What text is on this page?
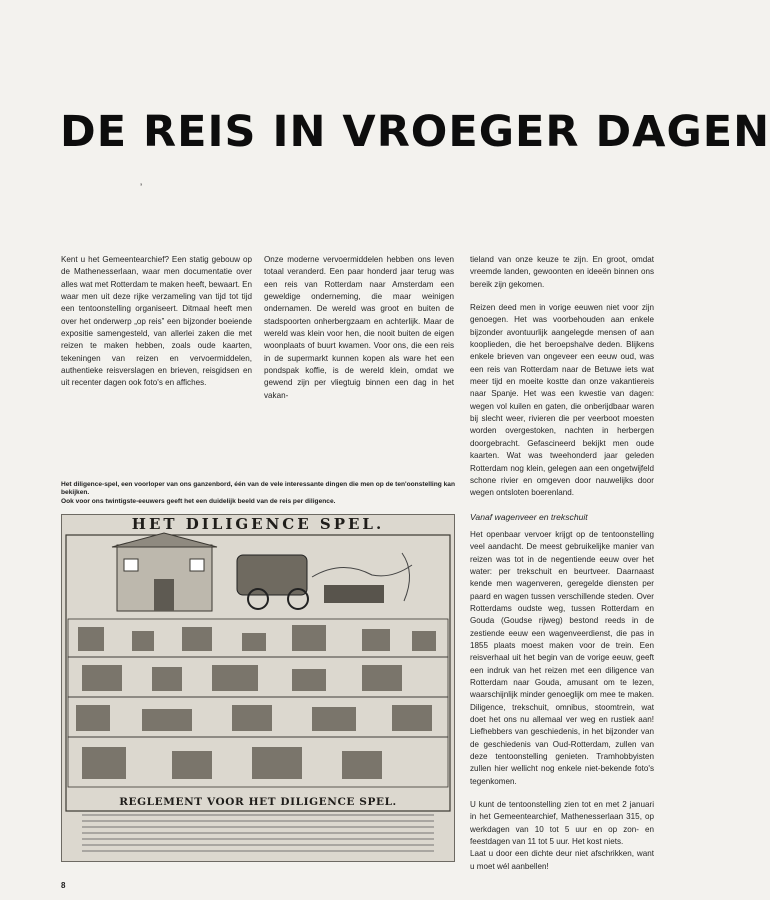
DE REIS IN VROEGER DAGEN
ʼ

Kent u het Gemeentearchief? Een statig gebouw op de Mathenesserlaan, waar men documentatie over alles wat met Rotterdam te maken heeft, bewaart. En waar men uit deze rijke verzameling van tijd tot tijd een tentoonstelling organiseert. Ditmaal heeft men over het onderwerp „op reis” een bijzonder boeiende expositie samengesteld, van allerlei zaken die met reizen te maken hebben, zoals oude kaarten, tekeningen van reizen en vervoermiddelen, authentieke reisverslagen en brieven, reisgidsen en uit recenter dagen ook foto's en affiches.

Onze moderne vervoermiddelen hebben ons leven totaal veranderd. Een paar honderd jaar terug was een reis van Rotterdam naar Amsterdam een geweldige onderneming, die maar weinigen ondernamen. De wereld was groot en buiten de stadspoorten onherbergzaam en achterlijk. Maar de wereld was klein voor hen, die nooit buiten de eigen woonplaats of buurt kwamen. Voor ons, die een reis in de supermarkt kunnen kopen als ware het een pondspak koffie, is de wereld klein, omdat we gewend zijn per vliegtuig binnen een dag in het vakan-

tieland van onze keuze te zijn. En groot, omdat vreemde landen, gewoonten en ideeën binnen ons bereik zijn gekomen.

Reizen deed men in vorige eeuwen niet voor zijn genoegen. Het was voorbehouden aan enkele bijzonder avontuurlijk aangelegde mensen of aan kooplieden, die het beroepshalve deden. Blijkens enkele brieven van ongeveer een eeuw oud, was een reis van Rotterdam naar de Betuwe iets wat meer tijd en moeite kostte dan onze vakantiereis naar Spanje. Het was een kwestie van dagen: wegen vol kuilen en gaten, die onberijdbaar waren bij slecht weer, rivieren die per veerboot moesten worden overgestoken, nachten in herbergen doorgebracht. Gefascineerd bekijkt men oude kaarten. Wat was tweehonderd jaar geleden Rotterdam nog klein, gelegen aan een ongetwijfeld schone rivier en omgeven door nauwelijks door wegen ontsloten boerenland.

Vanaf wagenveer en trekschuit

Het openbaar vervoer krijgt op de tentoonstelling veel aandacht. De meest gebruikelijke manier van reizen was tot in de negentiende eeuw over het water: per trekschuit en beurtveer. Daarnaast kende men wagenveren, geregelde diensten per paard en wagen tussen verschillende steden. Over Rotterdams oudste weg, tussen Rotterdam en Gouda (Goudse rijweg) bestond reeds in de zestiende eeuw een wagenveerdienst, die pas in 1855 plaats moest maken voor de trein. Een reisverhaal uit het begin van de vorige eeuw, geeft een indruk van het reizen met een diligence van Rotterdam naar Gouda, amusant om te lezen, waarschijnlijk minder genoeglijk om mee te maken. Diligence, trekschuit, omnibus, stoomtrein, wat doet het ons nu allemaal ver weg en rustiek aan! Liefhebbers van geschiedenis, in het bijzonder van de geschiedenis van Oud-Rotterdam, zullen van deze tentoonstelling genieten. Tramhobbyisten zullen hier wellicht nog enkele niet-bekende foto's tegenkomen.

U kunt de tentoonstelling zien tot en met 2 januari in het Gemeentearchief, Mathenesserlaan 315, op werkdagen van 10 tot 5 uur en op zon- en feestdagen van 11 tot 5 uur. Het kost niets.

Laat u door een dichte deur niet afschrikken, want u moet wél aanbellen!

Het diligence-spel, een voorloper van ons ganzenbord, één van de vele interessante dingen die men op de ten'oonstelling kan bekijken.
Ook voor ons twintigste-eeuwers geeft het een duidelijk beeld van de reis per diligence.
HET DILIGENCE SPEL.
REGLEMENT VOOR HET DILIGENCE SPEL.
8
